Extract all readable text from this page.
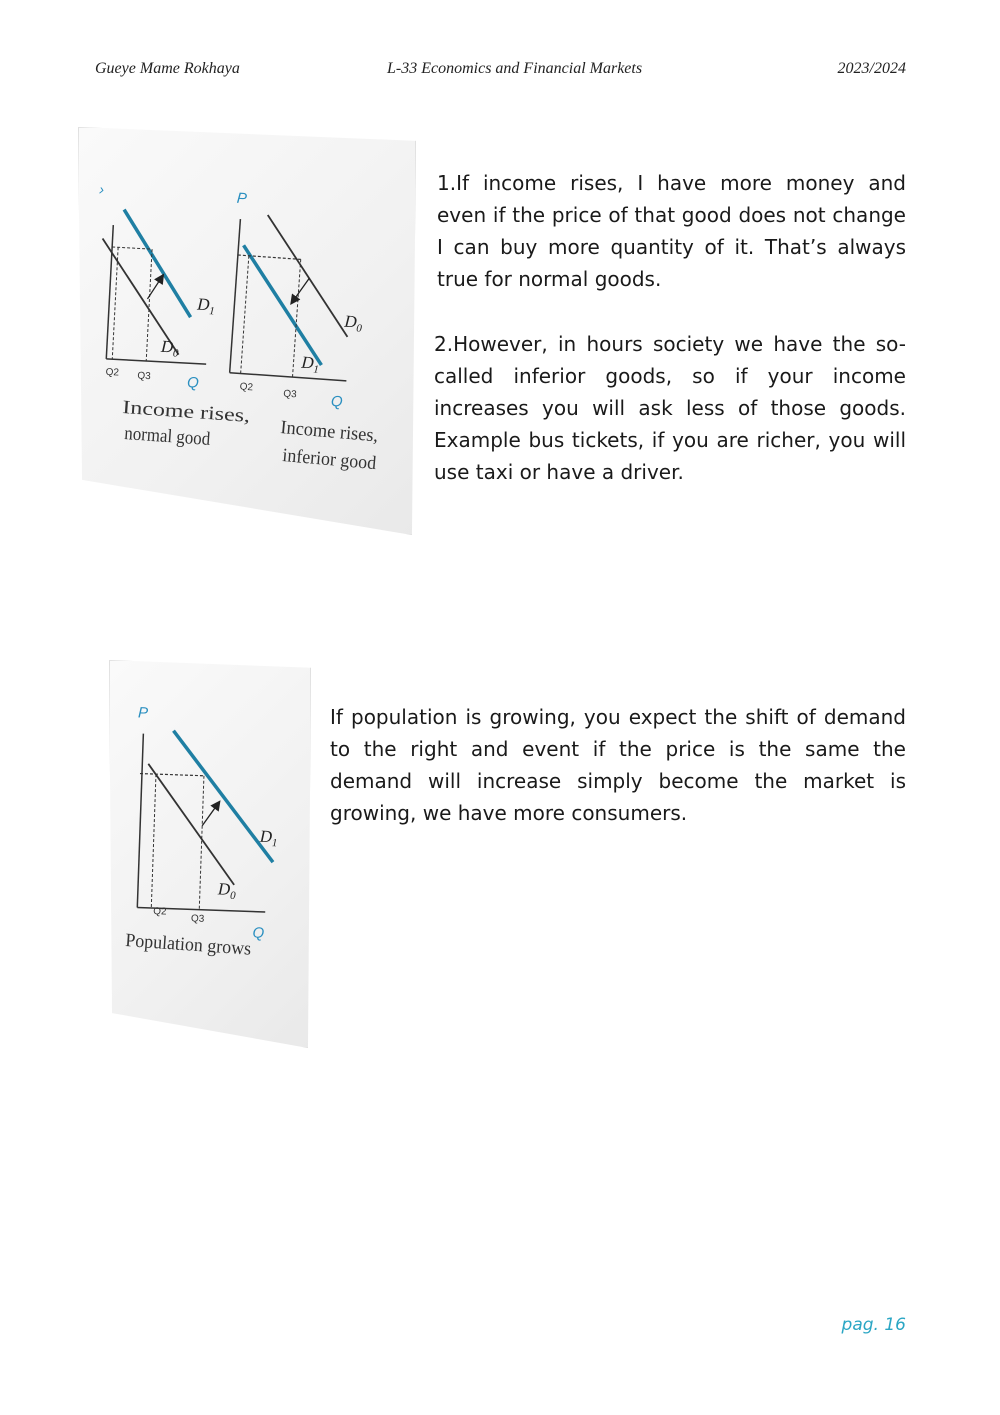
Gueye Mame Rokhaya	L-33 Economics and Financial Markets	2023/2024
›
$D_1$
$D_0$
Q2 Q3 Q
Income rises,
normal good
P
$D_0$
$D_1$
Q2
Q3 Q
Income rises,
inferior good

1.If income rises, I have more money and even if the price of that good does not change I can buy more quantity of it. That’s always true for normal goods.

2.However, in hours society we have the so-called inferior goods, so if your income increases you will ask less of those goods. Example bus tickets, if you are richer, you will use taxi or have a driver.

P
$D_1$
$D_0$
Q2
Q3
Q
Population grows

If population is growing, you expect the shift of demand to the right and event if the price is the same the demand will increase simply become the market is growing, we have more consumers.

pag. 16
